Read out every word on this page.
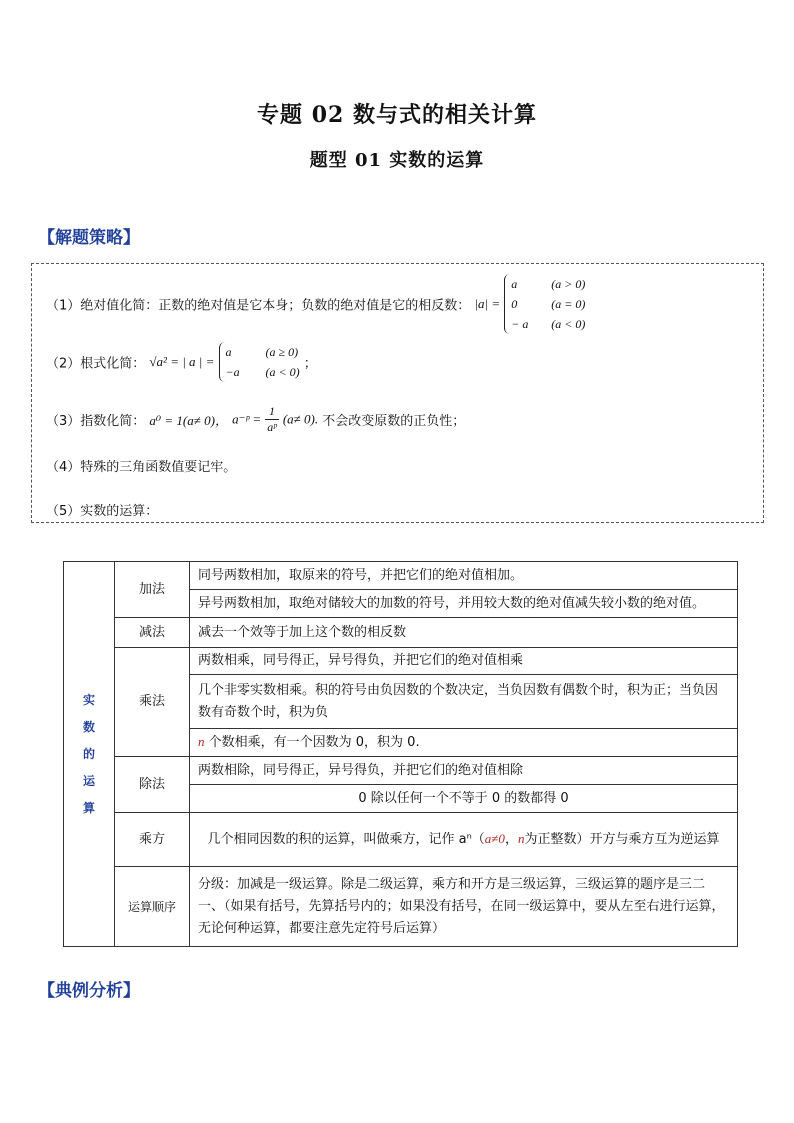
专题 02 数与式的相关计算
题型 01 实数的运算
【解题策略】
（1）绝对值化简：正数的绝对值是它本身；负数的绝对值是它的相反数： |a| = a	(a > 0)
0	(a = 0)
− a (a < 0)
（2）根式化简： √a² = | a | = a	(a ≥ 0)
−a (a < 0) ；
（3）指数化简： a⁰ = 1(a≠ 0)， a⁻ᵖ = $\frac{1}{\text{aᵖ}} (a\ne 0)$. 不会改变原数的正负性；
（4）特殊的三角函数值要记牢。
（5）实数的运算：
实
数
的
运
算	加法	同号两数相加，取原来的符号，并把它们的绝对值相加。
		异号两数相加，取绝对储较大的加数的符号，并用较大数的绝对值减失较小数的绝对值。
	减法	减去一个效等于加上这个数的相反数
	乘法	两数相乘，同号得正，异号得负，并把它们的绝对值相乘
		几个非零实数相乘。积的符号由负因数的个数决定，当负因数有偶数个时，积为正；当负因数有奇数个时，积为负
		n 个数相乘，有一个因数为 0，积为 0.
	除法	两数相除，同号得正，异号得负，并把它们的绝对值相除
		0 除以任何一个不等于 0 的数都得 0
	乘方	几个相同因数的积的运算，叫做乘方，记作 aⁿ（a≠0，n为正整数）开方与乘方互为逆运算
	运算顺序	分级：加减是一级运算。除是二级运算，乘方和开方是三级运算，三级运算的题序是三二一、（如果有括号，先算括号内的；如果没有括号，在同一级运算中，要从左至右进行运算，无论何种运算，都要注意先定符号后运算）
【典例分析】
